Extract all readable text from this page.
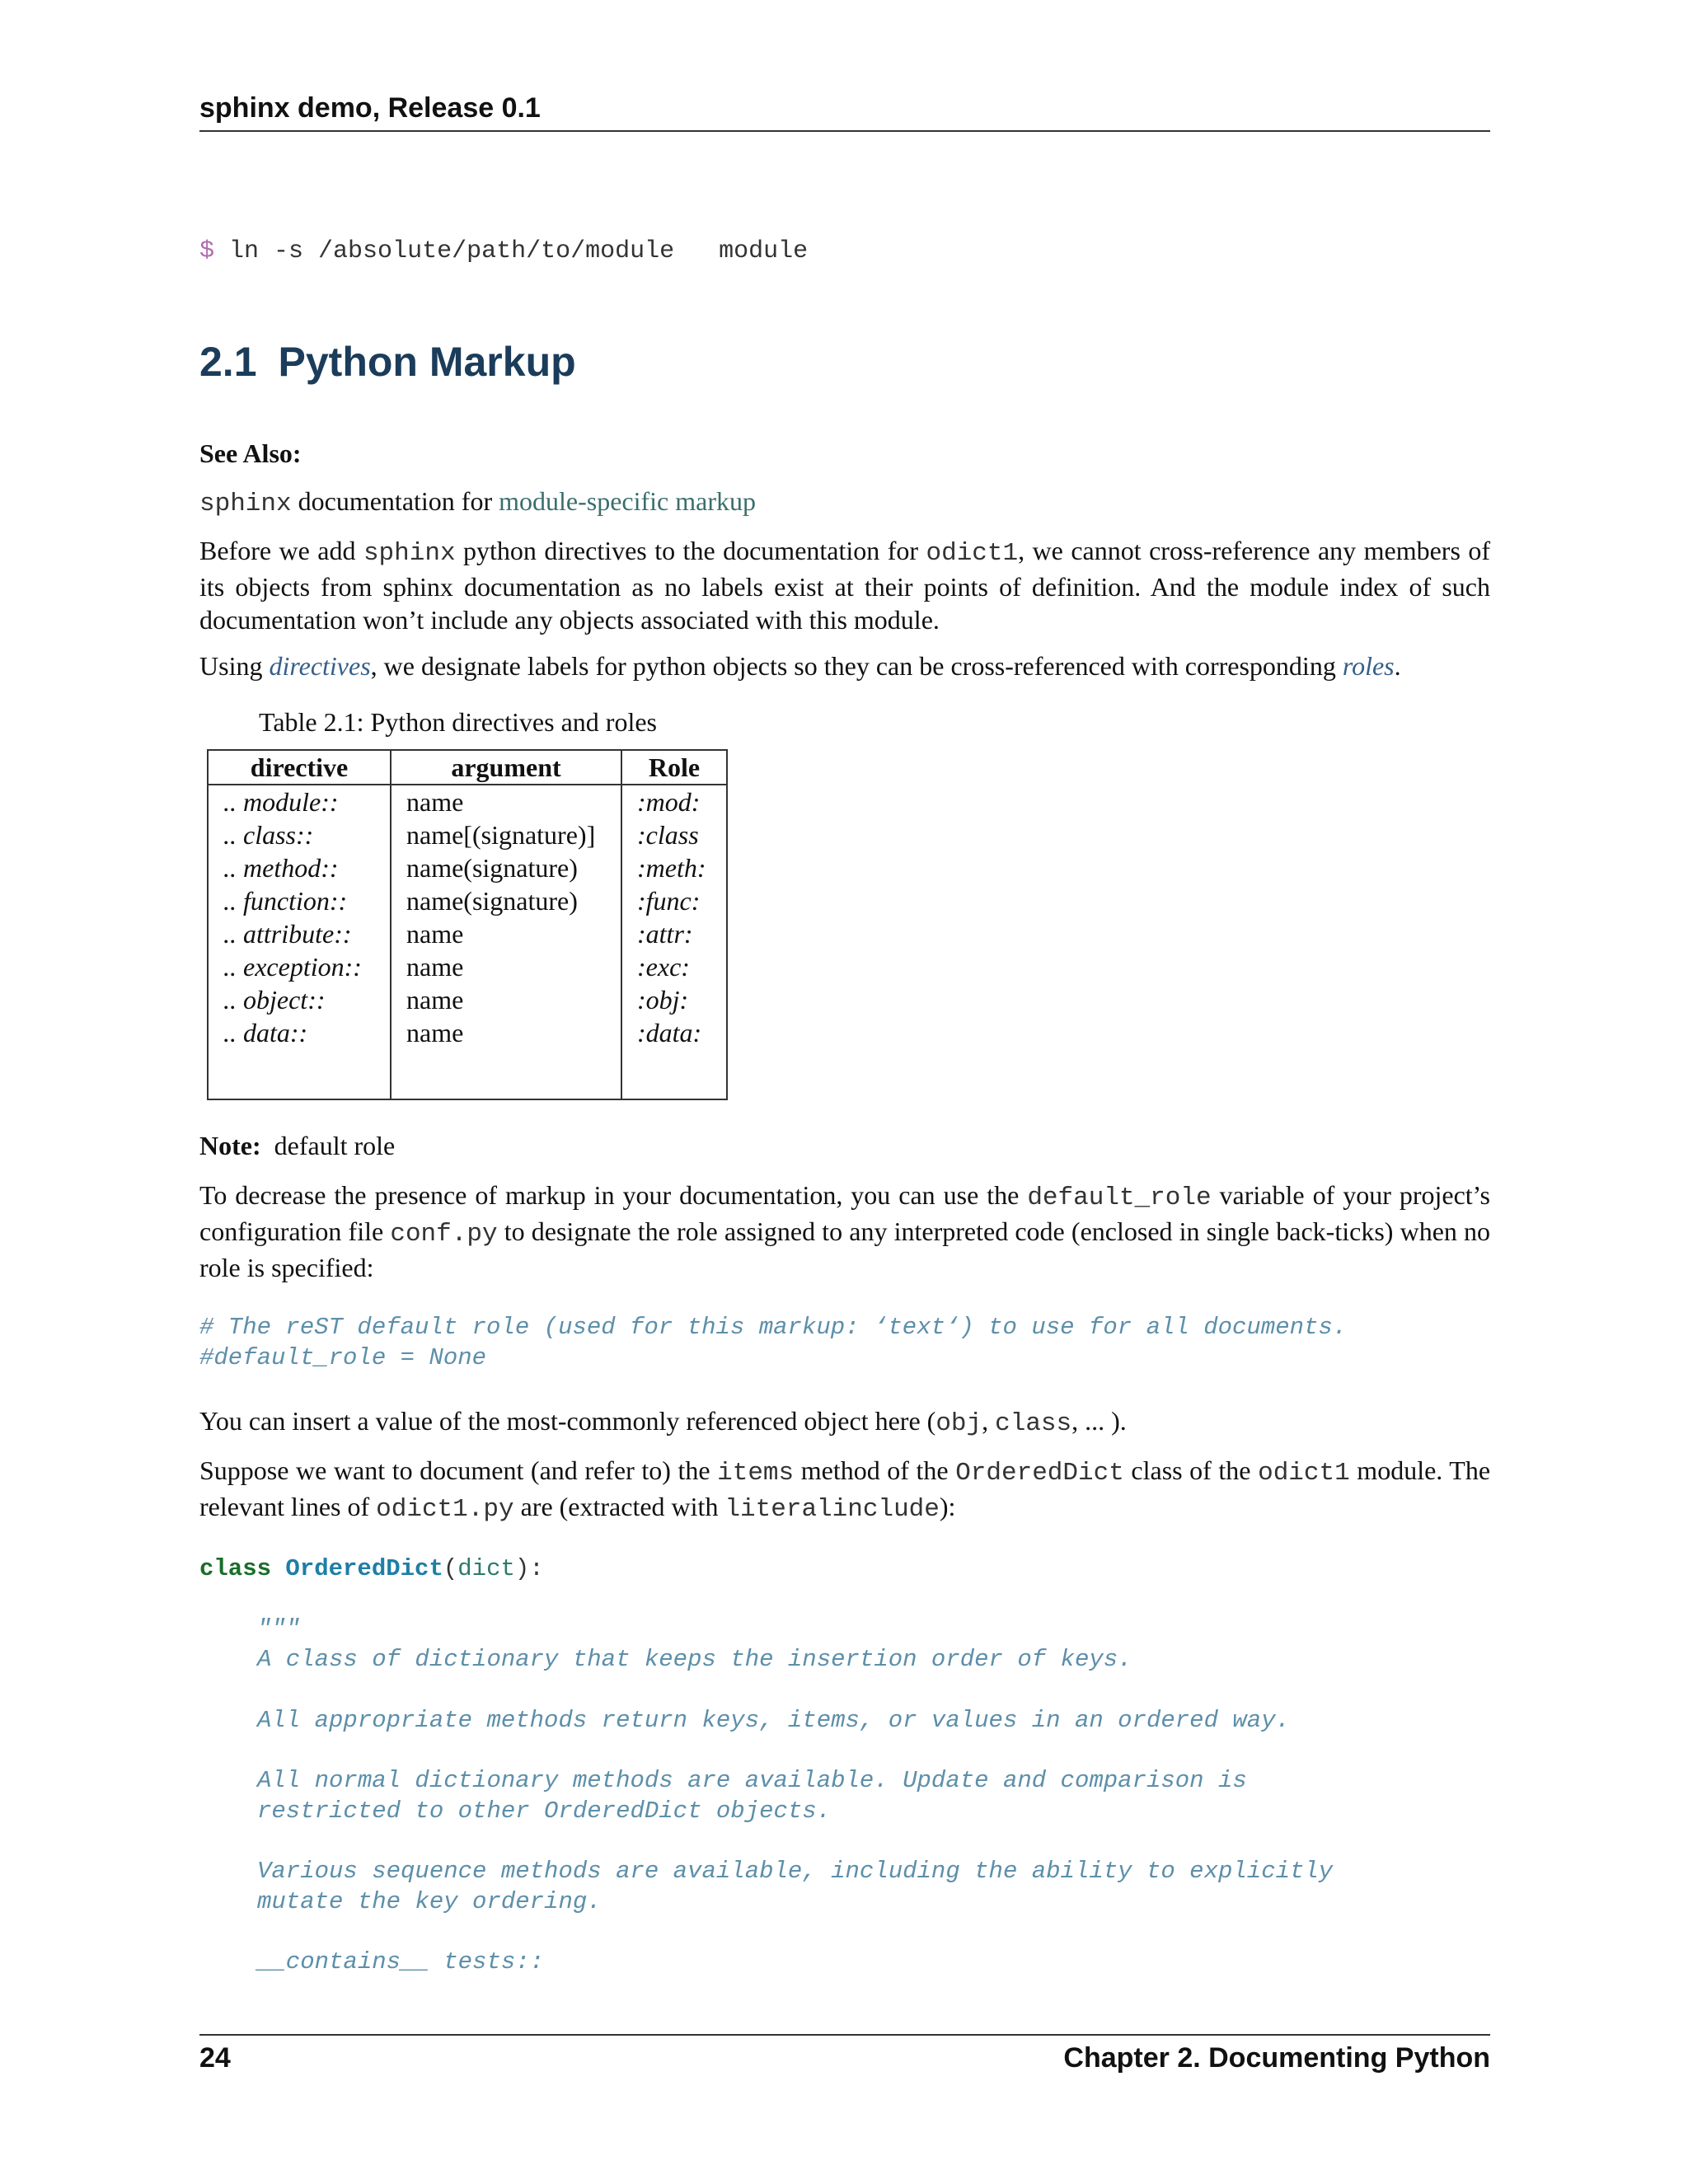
sphinx demo, Release 0.1
$ ln -s /absolute/path/to/module   module
2.1 Python Markup
See Also:
sphinx documentation for module-specific markup
Before we add sphinx python directives to the documentation for odict1, we cannot cross-reference any members of its objects from sphinx documentation as no labels exist at their points of definition. And the module index of such documentation won’t include any objects associated with this module.
Using directives, we designate labels for python objects so they can be cross-referenced with corresponding roles.
Table 2.1: Python directives and roles
directive	argument	Role
.. module::	name	:mod:
.. class::	name[(signature)]	:class
.. method::	name(signature)	:meth:
.. function::	name(signature)	:func:
.. attribute::	name	:attr:
.. exception::	name	:exc:
.. object::	name	:obj:
.. data::	name	:data:
Note: default role
To decrease the presence of markup in your documentation, you can use the default_role variable of your project’s configuration file conf.py to designate the role assigned to any interpreted code (enclosed in single back-ticks) when no role is specified:
# The reST default role (used for this markup: ‘text‘) to use for all documents.
#default_role = None
You can insert a value of the most-commonly referenced object here (obj, class, ... ).
Suppose we want to document (and refer to) the items method of the OrderedDict class of the odict1 module. The relevant lines of odict1.py are (extracted with literalinclude):
class OrderedDict(dict):

"""
A class of dictionary that keeps the insertion order of keys.
All appropriate methods return keys, items, or values in an ordered way.
All normal dictionary methods are available. Update and comparison is
restricted to other OrderedDict objects.
Various sequence methods are available, including the ability to explicitly
mutate the key ordering.
__contains__ tests::
24	Chapter 2. Documenting Python
